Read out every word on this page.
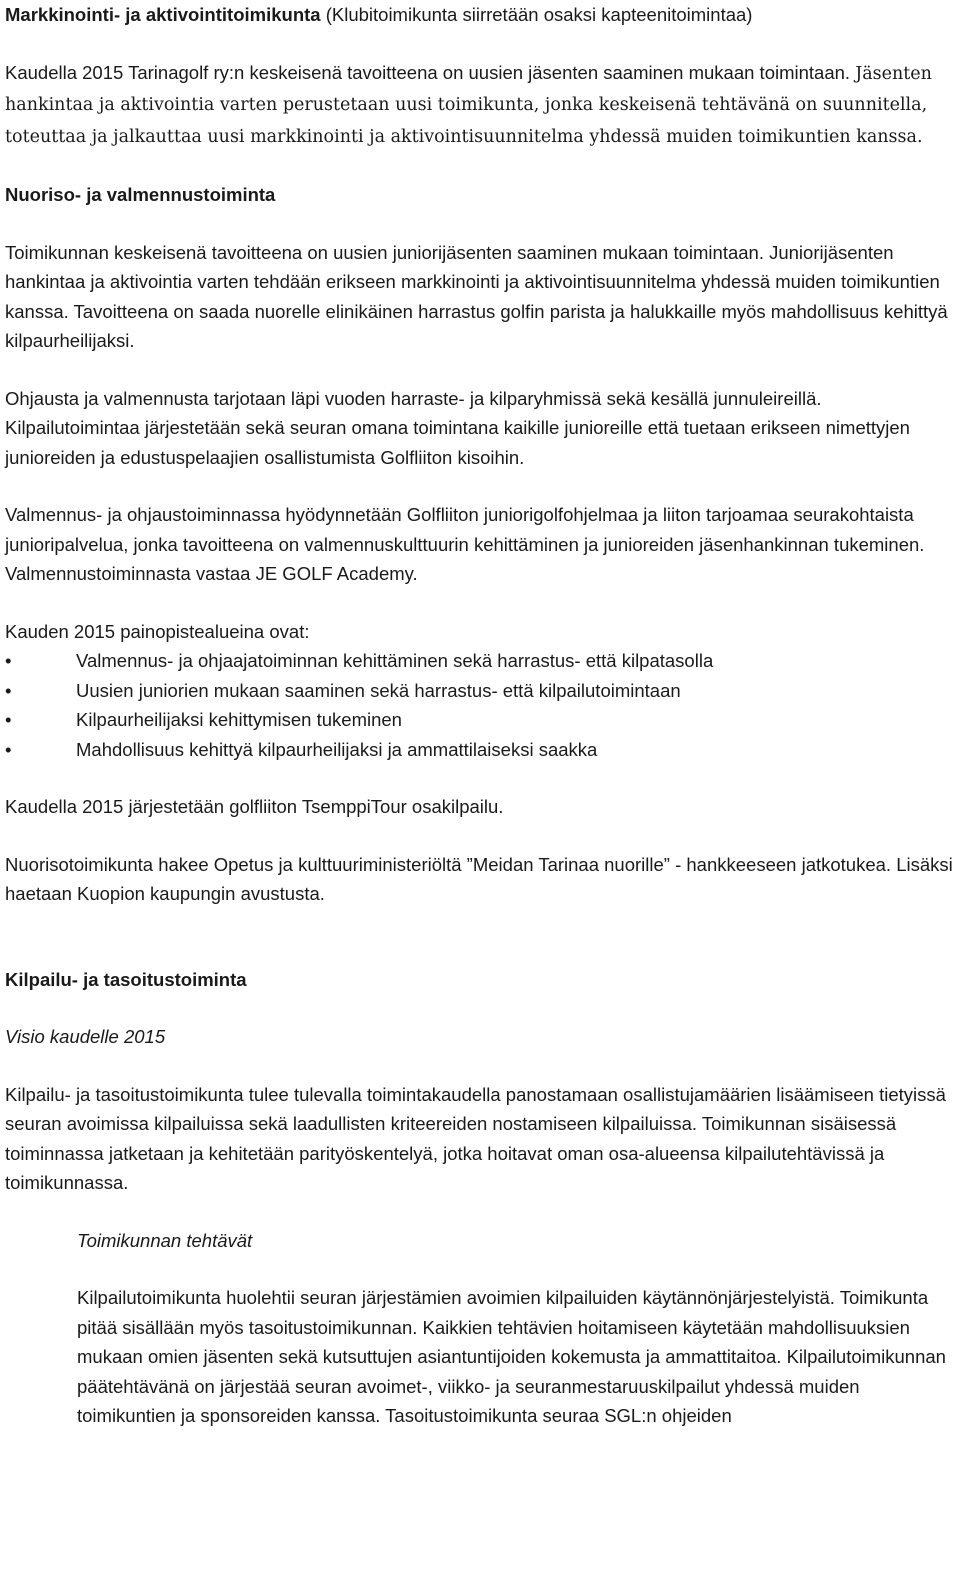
Markkinointi- ja aktivointitoimikunta (Klubitoimikunta siirretään osaksi kapteenitoimintaa)

Kaudella 2015 Tarinagolf ry:n keskeisenä tavoitteena on uusien jäsenten saaminen mukaan toimintaan. Jäsenten hankintaa ja aktivointia varten perustetaan uusi toimikunta, jonka keskeisenä tehtävänä on suunnitella, toteuttaa ja jalkauttaa uusi markkinointi ja aktivointisuunnitelma yhdessä muiden toimikuntien kanssa.

Nuoriso- ja valmennustoiminta

Toimikunnan keskeisenä tavoitteena on uusien juniorijäsenten saaminen mukaan toimintaan. Juniorijäsenten hankintaa ja aktivointia varten tehdään erikseen markkinointi ja aktivointisuunnitelma yhdessä muiden toimikuntien kanssa. Tavoitteena on saada nuorelle elinikäinen harrastus golfin parista ja halukkaille myös mahdollisuus kehittyä kilpaurheilijaksi.

Ohjausta ja valmennusta tarjotaan läpi vuoden harraste- ja kilparyhmissä sekä kesällä junnuleireillä. Kilpailutoimintaa järjestetään sekä seuran omana toimintana kaikille junioreille että tuetaan erikseen nimettyjen junioreiden ja edustuspelaajien osallistumista Golfliiton kisoihin.

Valmennus- ja ohjaustoiminnassa hyödynnetään Golfliiton juniorigolfohjelmaa ja liiton tarjoamaa seurakohtaista junioripalvelua, jonka tavoitteena on valmennuskulttuurin kehittäminen ja junioreiden jäsenhankinnan tukeminen. Valmennustoiminnasta vastaa JE GOLF Academy.

Kauden 2015 painopistealueina ovat:

•	Valmennus- ja ohjaajatoiminnan kehittäminen sekä harrastus- että kilpatasolla
•	Uusien juniorien mukaan saaminen sekä harrastus- että kilpailutoimintaan
•	Kilpaurheilijaksi kehittymisen tukeminen
•	Mahdollisuus kehittyä kilpaurheilijaksi ja ammattilaiseksi saakka

Kaudella 2015 järjestetään golfliiton TsemppiTour osakilpailu.

Nuorisotoimikunta hakee Opetus ja kulttuuriministeriöltä ”Meidan Tarinaa nuorille” - hankkeeseen jatkotukea. Lisäksi haetaan Kuopion kaupungin avustusta.

Kilpailu- ja tasoitustoiminta

Visio kaudelle 2015

Kilpailu- ja tasoitustoimikunta tulee tulevalla toimintakaudella panostamaan osallistujamäärien lisäämiseen tietyissä seuran avoimissa kilpailuissa sekä laadullisten kriteereiden nostamiseen kilpailuissa. Toimikunnan sisäisessä toiminnassa jatketaan ja kehitetään parityöskentelyä, jotka hoitavat oman osa-alueensa kilpailutehtävissä ja toimikunnassa.

Toimikunnan tehtävät

Kilpailutoimikunta huolehtii seuran järjestämien avoimien kilpailuiden käytännönjärjestelyistä. Toimikunta pitää sisällään myös tasoitustoimikunnan. Kaikkien tehtävien hoitamiseen käytetään mahdollisuuksien mukaan omien jäsenten sekä kutsuttujen asiantuntijoiden kokemusta ja ammattitaitoa. Kilpailutoimikunnan päätehtävänä on järjestää seuran avoimet-, viikko- ja seuranmestaruuskilpailut yhdessä muiden toimikuntien ja sponsoreiden kanssa. Tasoitustoimikunta seuraa SGL:n ohjeiden
